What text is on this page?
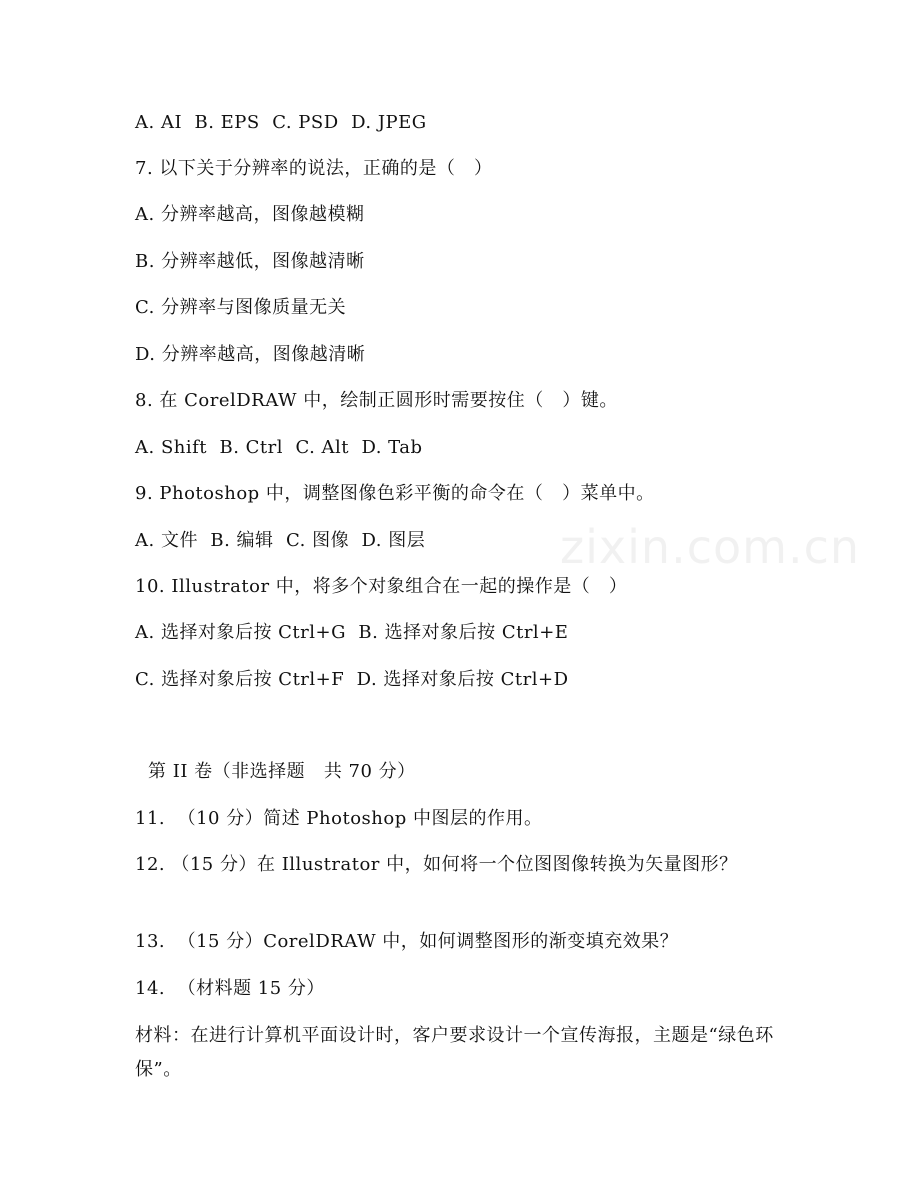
A. AI  B. EPS  C. PSD  D. JPEG
7. 以下关于分辨率的说法，正确的是（   ）
A. 分辨率越高，图像越模糊
B. 分辨率越低，图像越清晰
C. 分辨率与图像质量无关
D. 分辨率越高，图像越清晰
8. 在 CorelDRAW 中，绘制正圆形时需要按住（   ）键。
A. Shift  B. Ctrl  C. Alt  D. Tab
9. Photoshop 中，调整图像色彩平衡的命令在（   ）菜单中。
A. 文件  B. 编辑  C. 图像  D. 图层
10. Illustrator 中，将多个对象组合在一起的操作是（   ）
A. 选择对象后按 Ctrl+G  B. 选择对象后按 Ctrl+E
C. 选择对象后按 Ctrl+F  D. 选择对象后按 Ctrl+D
第 II 卷（非选择题   共 70 分）
11.  （10 分）简述 Photoshop 中图层的作用。
12. （15 分）在 Illustrator 中，如何将一个位图图像转换为矢量图形？
13.  （15 分）CorelDRAW 中，如何调整图形的渐变填充效果？
14.  （材料题 15 分）
材料：在进行计算机平面设计时，客户要求设计一个宣传海报，主题是“绿色环保”。
zixin.com.cn
